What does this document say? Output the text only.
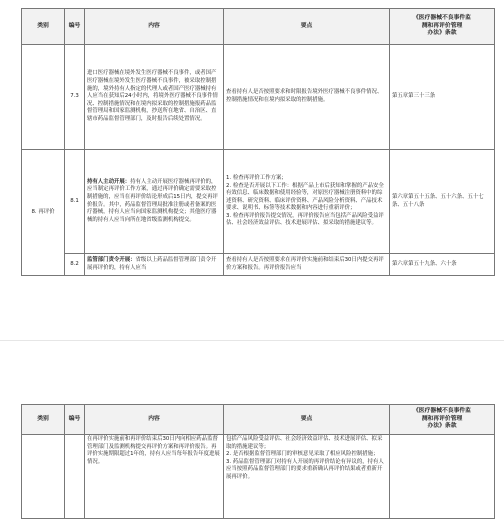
类别	编号	内容	要点	《医疗器械不良事件监
测和再评价管理
办法》条款

	7.3	进口医疗器械在境外发生医疗器械不良事件，或者国产医疗器械在境外发生医疗器械不良事件，被采取控制措施的，境外持有人指定的代理人或者国产医疗器械持有人应当在获知后24小时内，将境外医疗器械不良事件情况、控制措施情况和在境内拟采取的控制措施报药品监督管理局和国家监测机构，抄送所在地省、自治区、直辖市药品监督管理部门，及时报告后续处置情况。	查看持有人是否按照要求和时限报告境外医疗器械不良事件情况、控制措施情况和在境内拟采取的控制措施。	第五章第三十三条
8. 再评价	8.1	持有人主动开展：持有人主动开展医疗器械再评价的，应当制定再评价工作方案，通过再评价确定需要采取控制措施的，应当在再评价结论形成后15日内，提交再评价报告。其中，药品监督管理局批准注册或者备案的医疗器械，持有人应当向国家监测机构提交；其他医疗器械的持有人应当向所在地省级监测机构提交。	1. 检查再评价工作方案；
2. 检查是否开展以下工作：根据产品上市后获知和掌握的产品安全有效信息、临床数据和使用经验等，对原医疗器械注册资料中的综述资料、研究资料、临床评价资料、产品风险分析资料、产品技术要求、说明书、标签等技术数据和内容进行重新评价；
3. 检查再评价报告提交情况，再评价报告应当包括产品风险受益评估、社会经济效益评估、技术进展评估、拟采取的措施建议等。	第六章第五十五条、五十六条、五十七条、五十八条
	8.2	监管部门责令开展：省级以上药品监督管理部门责令开展再评价的，持有人应当	查看持有人是否按照要求在再评价实施前和结束后30日内提交再评价方案和报告。再评价报告应当	第六章第五十九条、六十条
类别	编号	内容	要点	《医疗器械不良事件监
测和再评价管理
办法》条款

		在再评价实施前和再评价结束后30日内向相应药品监督管理部门及监测机构提交再评价方案和再评价报告。再评价实施期限超过1年的，持有人应当每年报告年度进展情况。	包括产品风险受益评估、社会经济效益评估、技术进展评估、拟采取的措施建议等；
2. 是否根据监督管理部门的审核意见采取了相应风险控制措施；
3. 药品监督管理部门对持有人开展的再评价结论有异议的，持有人应当按照药品监督管理部门的要求重新确认再评价结果或者重新开展再评价。	
